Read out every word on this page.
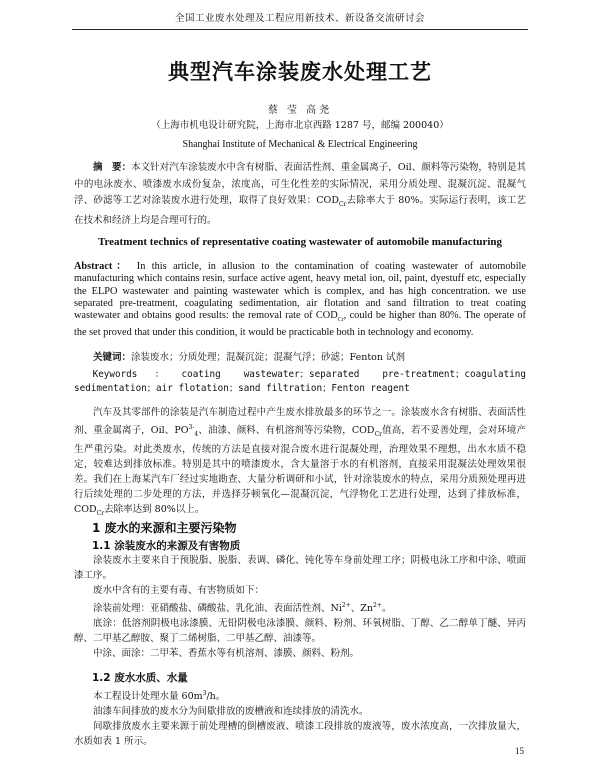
全国工业废水处理及工程应用新技术、新设备交流研讨会
典型汽车涂装废水处理工艺
蔡 莹 高尧
（上海市机电设计研究院，上海市北京西路 1287 号，邮编 200040）
Shanghai Institute of Mechanical & Electrical Engineering
摘　要：本文针对汽车涂装废水中含有树脂、表面活性剂、重金属离子，Oil、颜料等污染物，特别是其中的电泳废水、喷漆废水成份复杂，浓度高，可生化性差的实际情况，采用分质处理、混凝沉淀、混凝气浮、砂滤等工艺对涂装废水进行处理，取得了良好效果：$COD_{Cr}$去除率大于 80%。实际运行表明，该工艺在技术和经济上均是合理可行的。
Treatment technics of representative coating wastewater of automobile manufacturing
Abstract： In this article, in allusion to the contamination of coating wastewater of automobile manufacturing which contains resin, surface active agent, heavy metal ion, oil, paint, dyestuff etc, especially the ELPO wastewater and painting wastewater which is complex, and has high concentration. we use separated pre-treatment, coagulating sedimentation, air flotation and sand filtration to treat coating wastewater and obtains good results: the removal rate of $COD_{Cr}$, could be higher than 80%. The operate of the set proved that under this condition, it would be practicable both in technology and economy.
关键词：涂装废水；分质处理；混凝沉淀；混凝气浮；砂滤；Fenton 试剂
Keywords：coating wastewater；separated pre-treatment；coagulating sedimentation；air flotation；sand filtration；Fenton reagent
汽车及其零部件的涂装是汽车制造过程中产生废水排放最多的环节之一。涂装废水含有树脂、表面活性剂、重金属离子，Oil、$PO^{3-}_4$、油漆、颜料、有机溶剂等污染物，$COD_{Cr}$值高，若不妥善处理，会对环境产生严重污染。对此类废水，传统的方法是直接对混合废水进行混凝处理，治理效果不理想，出水水质不稳定，较难达到排放标准。特别是其中的喷漆废水，含大量溶于水的有机溶剂，直接采用混凝法处理效果很差。我们在上海某汽车厂经过实地勘查、大量分析调研和小试，针对涂装废水的特点，采用分质预处理再进行后续处理的二步处理的方法，并选择芬顿氧化—混凝沉淀，气浮物化工艺进行处理，达到了排放标准，$COD_{Cr}$去除率达到 80%以上。
1 废水的来源和主要污染物
1.1 涂装废水的来源及有害物质

涂装废水主要来自于预脱脂、脱脂、表调、磷化、钝化等车身前处理工序；阴极电泳工序和中涂、喷面漆工序。

废水中含有的主要有毒、有害物质如下：

涂装前处理：亚硝酸盐、磷酸盐、乳化油、表面活性剂、$Ni^{2+}$、$Zn^{2+}$。

底涂：低溶剂阴极电泳漆膜、无铅阴极电泳漆膜、颜料、粉剂、环氧树脂、丁醇、乙二醇单丁醚、异丙醇、二甲基乙醇胺、聚丁二烯树脂、二甲基乙醇、油漆等。

中涂、面涂：二甲苯、香蕉水等有机溶剂、漆膜、颜料、粉剂。

1.2 废水水质、水量

本工程设计处理水量 $60m^3/h$。

油漆车间排放的废水分为间歇排放的废槽液和连续排放的清洗水。

间歇排放废水主要来源于前处理槽的倒槽废液、喷漆工段排放的废液等，废水浓度高，一次排放量大，水质如表 1 所示。

15
